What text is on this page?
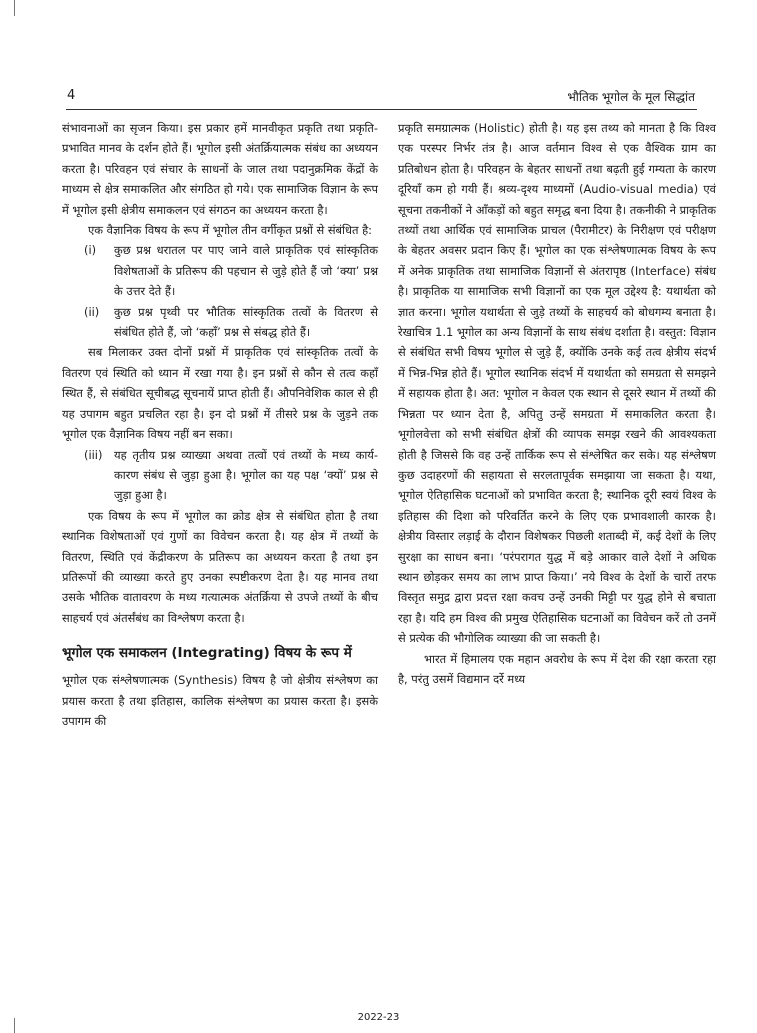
4	भौतिक भूगोल के मूल सिद्धांत

संभावनाओं का सृजन किया। इस प्रकार हमें मानवीकृत प्रकृति तथा प्रकृति-प्रभावित मानव के दर्शन होते हैं। भूगोल इसी अंतर्क्रियात्मक संबंध का अध्ययन करता है। परिवहन एवं संचार के साधनों के जाल तथा पदानुक्रमिक केंद्रों के माध्यम से क्षेत्र समाकलित और संगठित हो गये। एक सामाजिक विज्ञान के रूप में भूगोल इसी क्षेत्रीय समाकलन एवं संगठन का अध्ययन करता है।

एक वैज्ञानिक विषय के रूप में भूगोल तीन वर्गीकृत प्रश्नों से संबंधित है:

(i)	कुछ प्रश्न धरातल पर पाए जाने वाले प्राकृतिक एवं सांस्कृतिक विशेषताओं के प्रतिरूप की पहचान से जुड़े होते हैं जो ‘क्या’ प्रश्न के उत्तर देते हैं।
(ii)	कुछ प्रश्न पृथ्वी पर भौतिक सांस्कृतिक तत्वों के वितरण से संबंधित होते हैं, जो ‘कहाँ’ प्रश्न से संबद्ध होते हैं।

सब मिलाकर उक्त दोनों प्रश्नों में प्राकृतिक एवं सांस्कृतिक तत्वों के वितरण एवं स्थिति को ध्यान में रखा गया है। इन प्रश्नों से कौन से तत्व कहाँ स्थित हैं, से संबंधित सूचीबद्ध सूचनायें प्राप्त होती हैं। औपनिवेशिक काल से ही यह उपागम बहुत प्रचलित रहा है। इन दो प्रश्नों में तीसरे प्रश्न के जुड़ने तक भूगोल एक वैज्ञानिक विषय नहीं बन सका।

(iii)	यह तृतीय प्रश्न व्याख्या अथवा तत्वों एवं तथ्यों के मध्य कार्य-कारण संबंध से जुड़ा हुआ है। भूगोल का यह पक्ष ‘क्यों’ प्रश्न से जुड़ा हुआ है।

एक विषय के रूप में भूगोल का क्रोड क्षेत्र से संबंधित होता है तथा स्थानिक विशेषताओं एवं गुणों का विवेचन करता है। यह क्षेत्र में तथ्यों के वितरण, स्थिति एवं केंद्रीकरण के प्रतिरूप का अध्ययन करता है तथा इन प्रतिरूपों की व्याख्या करते हुए उनका स्पष्टीकरण देता है। यह मानव तथा उसके भौतिक वातावरण के मध्य गत्यात्मक अंतर्क्रिया से उपजे तथ्यों के बीच साहचर्य एवं अंतर्संबंध का विश्लेषण करता है।

भूगोल एक समाकलन (Integrating) विषय के रूप में

भूगोल एक संश्लेषणात्मक (Synthesis) विषय है जो क्षेत्रीय संश्लेषण का प्रयास करता है तथा इतिहास, कालिक संश्लेषण का प्रयास करता है। इसके उपागम की

प्रकृति समग्रात्मक (Holistic) होती है। यह इस तथ्य को मानता है कि विश्व एक परस्पर निर्भर तंत्र है। आज वर्तमान विश्व से एक वैश्विक ग्राम का प्रतिबोधन होता है। परिवहन के बेहतर साधनों तथा बढ़ती हुई गम्यता के कारण दूरियाँ कम हो गयी हैं। श्रव्य-दृश्य माध्यमों (Audio-visual media) एवं सूचना तकनीकों ने आँकड़ों को बहुत समृद्ध बना दिया है। तकनीकी ने प्राकृतिक तथ्यों तथा आर्थिक एवं सामाजिक प्राचल (पैरामीटर) के निरीक्षण एवं परीक्षण के बेहतर अवसर प्रदान किए हैं। भूगोल का एक संश्लेषणात्मक विषय के रूप में अनेक प्राकृतिक तथा सामाजिक विज्ञानों से अंतरापृष्ठ (Interface) संबंध है। प्राकृतिक या सामाजिक सभी विज्ञानों का एक मूल उद्देश्य है: यथार्थता को ज्ञात करना। भूगोल यथार्थता से जुड़े तथ्यों के साहचर्य को बोधगम्य बनाता है। रेखाचित्र 1.1 भूगोल का अन्य विज्ञानों के साथ संबंध दर्शाता है। वस्तुत: विज्ञान से संबंधित सभी विषय भूगोल से जुड़े हैं, क्योंकि उनके कई तत्व क्षेत्रीय संदर्भ में भिन्न-भिन्न होते हैं। भूगोल स्थानिक संदर्भ में यथार्थता को समग्रता से समझने में सहायक होता है। अत: भूगोल न केवल एक स्थान से दूसरे स्थान में तथ्यों की भिन्नता पर ध्यान देता है, अपितु उन्हें समग्रता में समाकलित करता है। भूगोलवेत्ता को सभी संबंधित क्षेत्रों की व्यापक समझ रखने की आवश्यकता होती है जिससे कि वह उन्हें तार्किक रूप से संश्लेषित कर सके। यह संश्लेषण कुछ उदाहरणों की सहायता से सरलतापूर्वक समझाया जा सकता है। यथा, भूगोल ऐतिहासिक घटनाओं को प्रभावित करता है; स्थानिक दूरी स्वयं विश्व के इतिहास की दिशा को परिवर्तित करने के लिए एक प्रभावशाली कारक है। क्षेत्रीय विस्तार लड़ाई के दौरान विशेषकर पिछली शताब्दी में, कई देशों के लिए सुरक्षा का साधन बना। ‘परंपरागत युद्ध में बड़े आकार वाले देशों ने अधिक स्थान छोड़कर समय का लाभ प्राप्त किया।’ नये विश्व के देशों के चारों तरफ विस्तृत समुद्र द्वारा प्रदत्त रक्षा कवच उन्हें उनकी मिट्टी पर युद्ध होने से बचाता रहा है। यदि हम विश्व की प्रमुख ऐतिहासिक घटनाओं का विवेचन करें तो उनमें से प्रत्येक की भौगोलिक व्याख्या की जा सकती है।

भारत में हिमालय एक महान अवरोध के रूप में देश की रक्षा करता रहा है, परंतु उसमें विद्यमान दर्रे मध्य

2022-23
